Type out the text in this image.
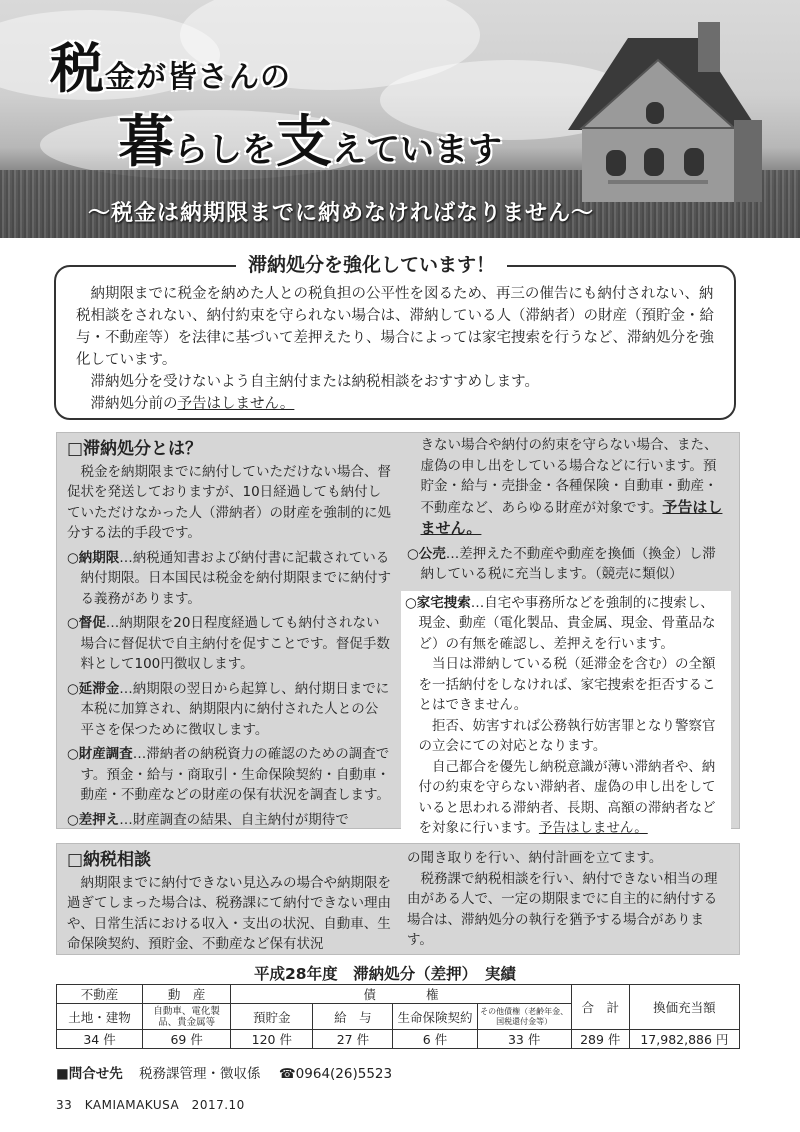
税金が皆さんの
暮らしを支えています
〜税金は納期限までに納めなければなりません〜

納期限までに税金を納めた人との税負担の公平性を図るため、再三の催告にも納付されない、納税相談をされない、納付約束を守られない場合は、滞納している人（滞納者）の財産（預貯金・給与・不動産等）を法律に基づいて差押えたり、場合によっては家宅捜索を行うなど、滞納処分を強化しています。

滞納処分を受けないよう自主納付または納税相談をおすすめします。

滞納処分前の予告はしません。

滞納処分を強化しています！
□滞納処分とは？
税金を納期限までに納付していただけない場合、督促状を発送しておりますが、10日経過しても納付していただけなかった人（滞納者）の財産を強制的に処分する法的手段です。
○納期限…納税通知書および納付書に記載されている納付期限。日本国民は税金を納付期限までに納付する義務があります。
○督促…納期限を20日程度経過しても納付されない場合に督促状で自主納付を促すことです。督促手数料として100円徴収します。
○延滞金…納期限の翌日から起算し、納付期日までに本税に加算され、納期限内に納付された人との公平さを保つために徴収します。
○財産調査…滞納者の納税資力の確認のための調査です。預金・給与・商取引・生命保険契約・自動車・動産・不動産などの財産の保有状況を調査します。
○差押え…財産調査の結果、自主納付が期待で
きない場合や納付の約束を守らない場合、また、虚偽の申し出をしている場合などに行います。預貯金・給与・売掛金・各種保険・自動車・動産・不動産など、あらゆる財産が対象です。予告はしません。
○公売…差押えた不動産や動産を換価（換金）し滞納している税に充当します。（競売に類似）
○家宅捜索…自宅や事務所などを強制的に捜索し、現金、動産（電化製品、貴金属、現金、骨董品など）の有無を確認し、差押えを行います。
当日は滞納している税（延滞金を含む）の全額を一括納付をしなければ、家宅捜索を拒否することはできません。
拒否、妨害すれば公務執行妨害罪となり警察官の立会にての対応となります。
自己都合を優先し納税意識が薄い滞納者や、納付の約束を守らない滞納者、虚偽の申し出をしていると思われる滞納者、長期、高額の滞納者などを対象に行います。予告はしません。
□納税相談
納期限までに納付できない見込みの場合や納期限を過ぎてしまった場合は、税務課にて納付できない理由や、日常生活における収入・支出の状況、自動車、生命保険契約、預貯金、不動産など保有状況
の聞き取りを行い、納付計画を立てます。
税務課で納税相談を行い、納付できない相当の理由がある人で、一定の期限までに自主的に納付する場合は、滞納処分の執行を猶予する場合があります。
平成28年度　滞納処分（差押）　実績
不動産	動　産	債　　　　権				合　計	換価充当額
土地・建物	自動車、電化製品、貴金属等	預貯金	給　与	生命保険契約	その他債権（老齢年金、国税還付金等）		
34 件	69 件	120 件	27 件	6 件	33 件	289 件	17,982,886 円
■問合せ先 税務課管理・徴収係 ☎0964(26)5523
33　KAMIAMAKUSA　2017.10
